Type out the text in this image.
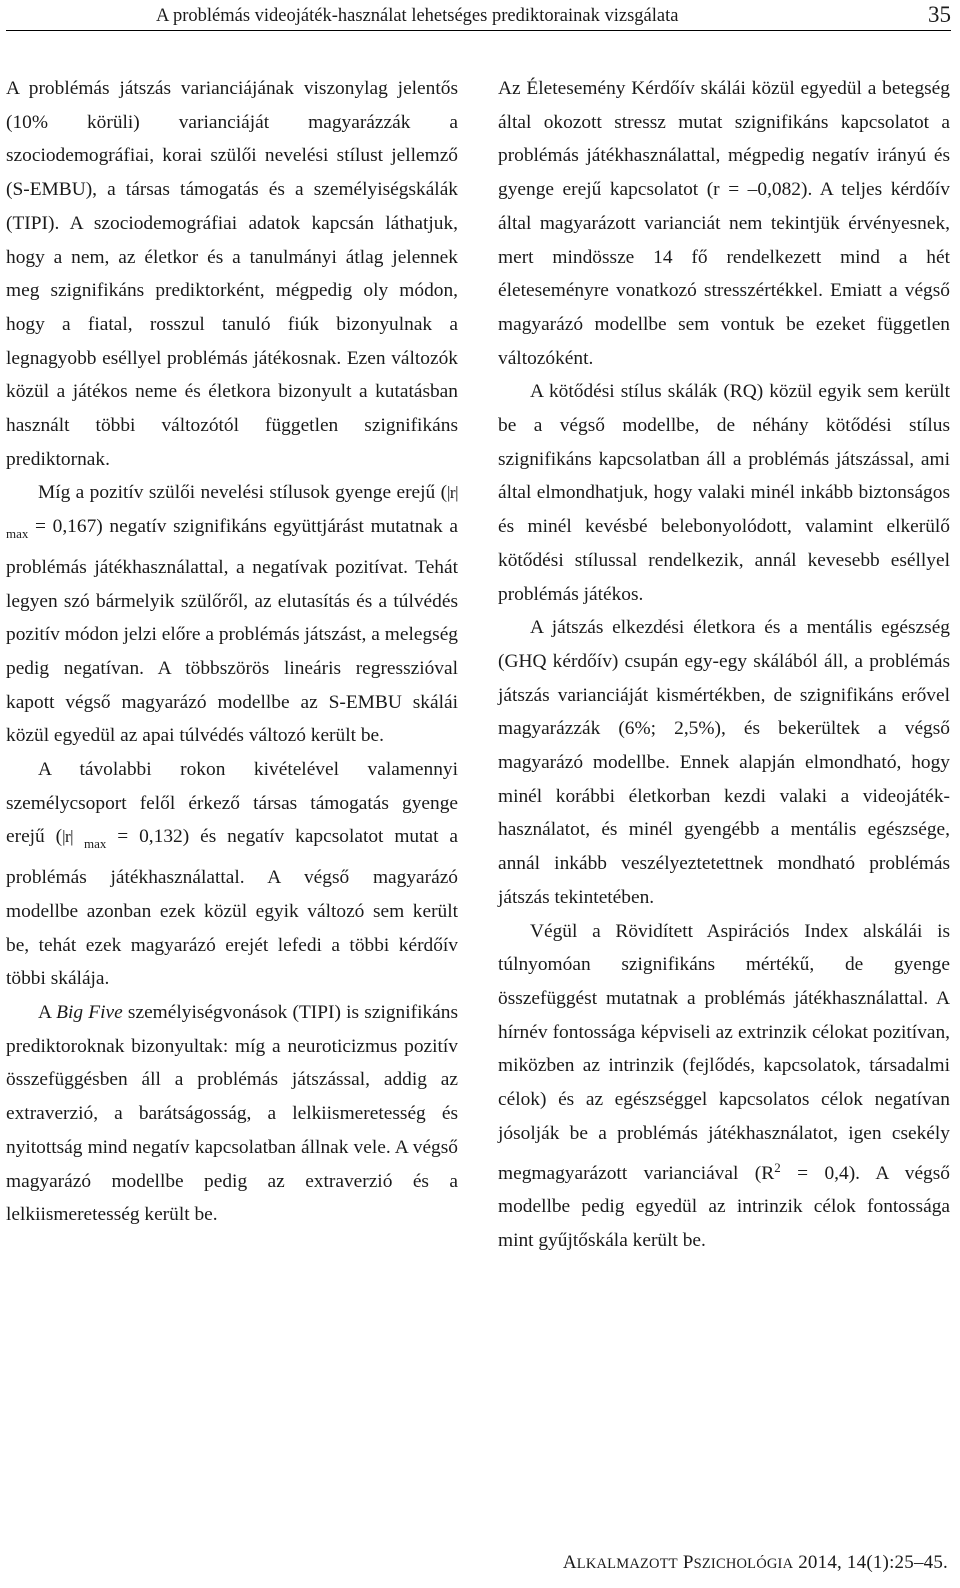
A problémás videojáték-használat lehetséges prediktorainak vizsgálata	35

A problémás játszás varianciájának viszonylag jelentős (10% körüli) varianciáját magyarázzák a szociodemográfiai, korai szülői nevelési stílust jellemző (S-EMBU), a társas támogatás és a személyiségskálák (TIPI). A szociodemográfiai adatok kapcsán láthatjuk, hogy a nem, az életkor és a tanulmányi átlag jelennek meg szignifikáns prediktorként, mégpedig oly módon, hogy a fiatal, rosszul tanuló fiúk bizonyulnak a legnagyobb eséllyel problémás játékosnak. Ezen változók közül a játékos neme és életkora bizonyult a kutatásban használt többi változótól független szignifikáns prediktornak.

Míg a pozitív szülői nevelési stílusok gyenge erejű (|r| $_{max}$ = 0,167) negatív szignifikáns együttjárást mutatnak a problémás játékhasználattal, a negatívak pozitívat. Tehát legyen szó bármelyik szülőről, az elutasítás és a túlvédés pozitív módon jelzi előre a problémás játszást, a melegség pedig negatívan. A többszörös lineáris regresszióval kapott végső magyarázó modellbe az S-EMBU skálái közül egyedül az apai túlvédés változó került be.

A távolabbi rokon kivételével valamennyi személycsoport felől érkező társas támogatás gyenge erejű (|r| $_{max}$ = 0,132) és negatív kapcsolatot mutat a problémás játékhasználattal. A végső magyarázó modellbe azonban ezek közül egyik változó sem került be, tehát ezek magyarázó erejét lefedi a többi kérdőív többi skálája.

A Big Five személyiségvonások (TIPI) is szignifikáns prediktoroknak bizonyultak: míg a neuroticizmus pozitív összefüggésben áll a problémás játszással, addig az extraverzió, a barátságosság, a lelkiismeretesség és nyitottság mind negatív kapcsolatban állnak vele. A végső magyarázó modellbe pedig az extraverzió és a lelkiismeretesség került be.

Az Életesemény Kérdőív skálái közül egyedül a betegség által okozott stressz mutat szignifikáns kapcsolatot a problémás játékhasználattal, mégpedig negatív irányú és gyenge erejű kapcsolatot (r = –0,082). A teljes kérdőív által magyarázott varianciát nem tekintjük érvényesnek, mert mindössze 14 fő rendelkezett mind a hét életeseményre vonatkozó stresszértékkel. Emiatt a végső magyarázó modellbe sem vontuk be ezeket független változóként.

A kötődési stílus skálák (RQ) közül egyik sem került be a végső modellbe, de néhány kötődési stílus szignifikáns kapcsolatban áll a problémás játszással, ami által elmondhatjuk, hogy valaki minél inkább biztonságos és minél kevésbé belebonyolódott, valamint elkerülő kötődési stílussal rendelkezik, annál kevesebb eséllyel problémás játékos.

A játszás elkezdési életkora és a mentális egészség (GHQ kérdőív) csupán egy-egy skálából áll, a problémás játszás varianciáját kismértékben, de szignifikáns erővel magyarázzák (6%; 2,5%), és bekerültek a végső magyarázó modellbe. Ennek alapján elmondható, hogy minél korábbi életkorban kezdi valaki a videojáték-használatot, és minél gyengébb a mentális egészsége, annál inkább veszélyeztetettnek mondható problémás játszás tekintetében.

Végül a Rövidített Aspirációs Index alskálái is túlnyomóan szignifikáns mértékű, de gyenge összefüggést mutatnak a problémás játékhasználattal. A hírnév fontossága képviseli az extrinzik célokat pozitívan, miközben az intrinzik (fejlődés, kapcsolatok, társadalmi célok) és az egészséggel kapcsolatos célok negatívan jósolják be a problémás játékhasználatot, igen csekély megmagyarázott varianciával $(R^2 = 0,4)$. A végső modellbe pedig egyedül az intrinzik célok fontossága mint gyűjtőskála került be.

ALKALMAZOTT PSZICHOLÓGIA 2014, 14(1):25–45.
